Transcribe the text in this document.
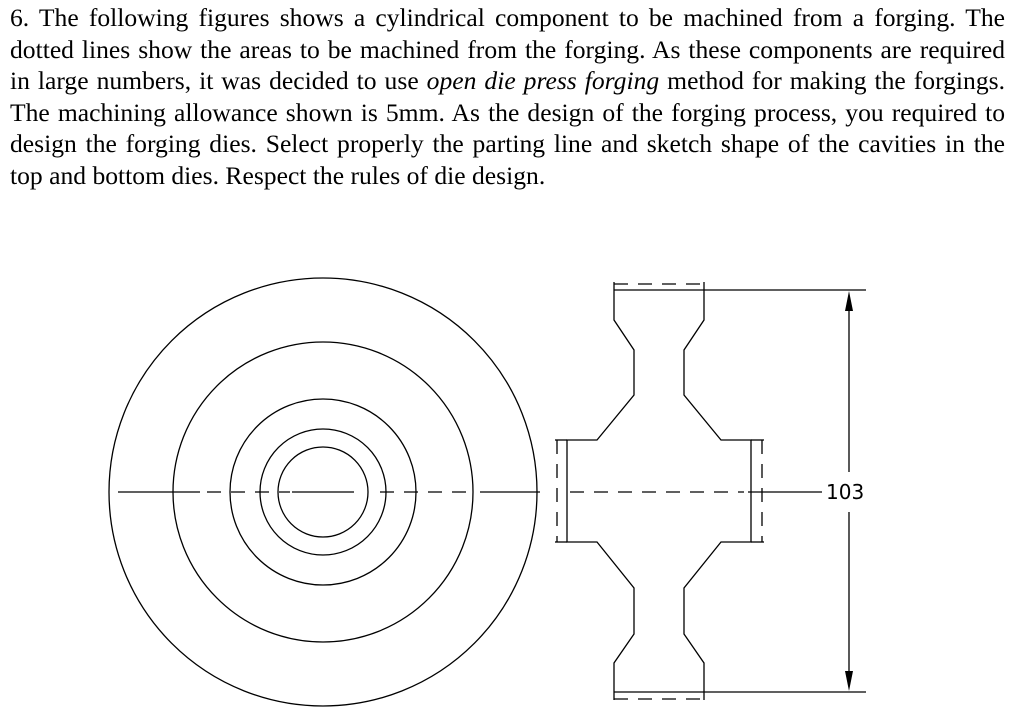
6. The following figures shows a cylindrical component to be machined from a forging. The dotted lines show the areas to be machined from the forging. As these components are required in large numbers, it was decided to use open die press forging method for making the forgings. The machining allowance shown is 5mm. As the design of the forging process, you required to design the forging dies. Select properly the parting line and sketch shape of the cavities in the top and bottom dies. Respect the rules of die design.

103
